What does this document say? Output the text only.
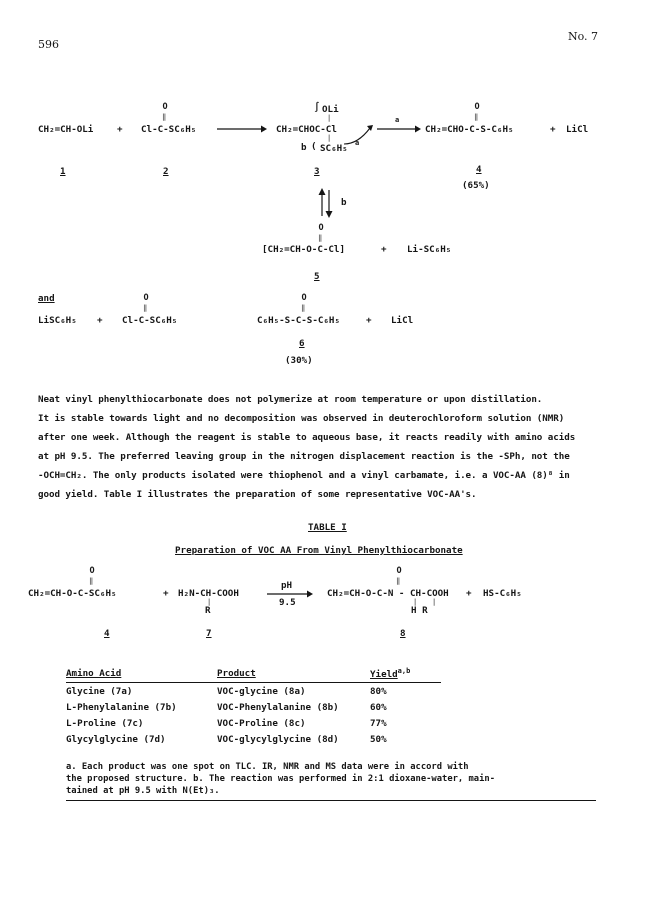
596
No. 7
CH₂=CH-OLi	+
O
‖
Cl-C-SC₆H₅ →
∫ OLi
|
CH₂=CHOC-Cl
|
b ( SC₆H₅ a
a
O
‖
CH₂=CHO-C-S-C₆H₅	+ LiCl
1	2	3	4
(65%)
b
O
‖
[CH₂=CH-O-C-Cl]	+ Li-SC₆H₅
5
and
LiSC₆H₅ +
O
‖
Cl-C-SC₆H₅
O
‖
C₆H₅-S-C-S-C₆H₅	+ LiCl
6
(30%)

Neat vinyl phenylthiocarbonate does not polymerize at room temperature or upon distillation.

It is stable towards light and no decomposition was observed in deuterochloroform solution (NMR)

after one week. Although the reagent is stable to aqueous base, it reacts readily with amino acids

at pH 9.5. The preferred leaving group in the nitrogen displacement reaction is the -SPh, not the

-OCH=CH₂. The only products isolated were thiophenol and a vinyl carbamate, i.e. a VOC-AA (8)⁸ in

good yield. Table I illustrates the preparation of some representative VOC-AA's.

TABLE I
Preparation of VOC AA From Vinyl Phenylthiocarbonate
O
‖
CH₂=CH-O-C-SC₆H₅	+ H₂N-CH-COOH
|
R
pH
9.5
O
‖
CH₂=CH-O-C-N - CH-COOH
| |
H R
+ HS-C₆H₅
4	7	8
Amino Acid	Product	Yield$^{a,b}$

Glycine (7a)	VOC-glycine (8a)	80%
L-Phenylalanine (7b)	VOC-Phenylalanine (8b)	60%
L-Proline (7c)	VOC-Proline (8c)	77%
Glycylglycine (7d)	VOC-glycylglycine (8d)	50%
a. Each product was one spot on TLC. IR, NMR and MS data were in accord with
the proposed structure. b. The reaction was performed in 2:1 dioxane-water, main-
tained at pH 9.5 with N(Et)₃.
